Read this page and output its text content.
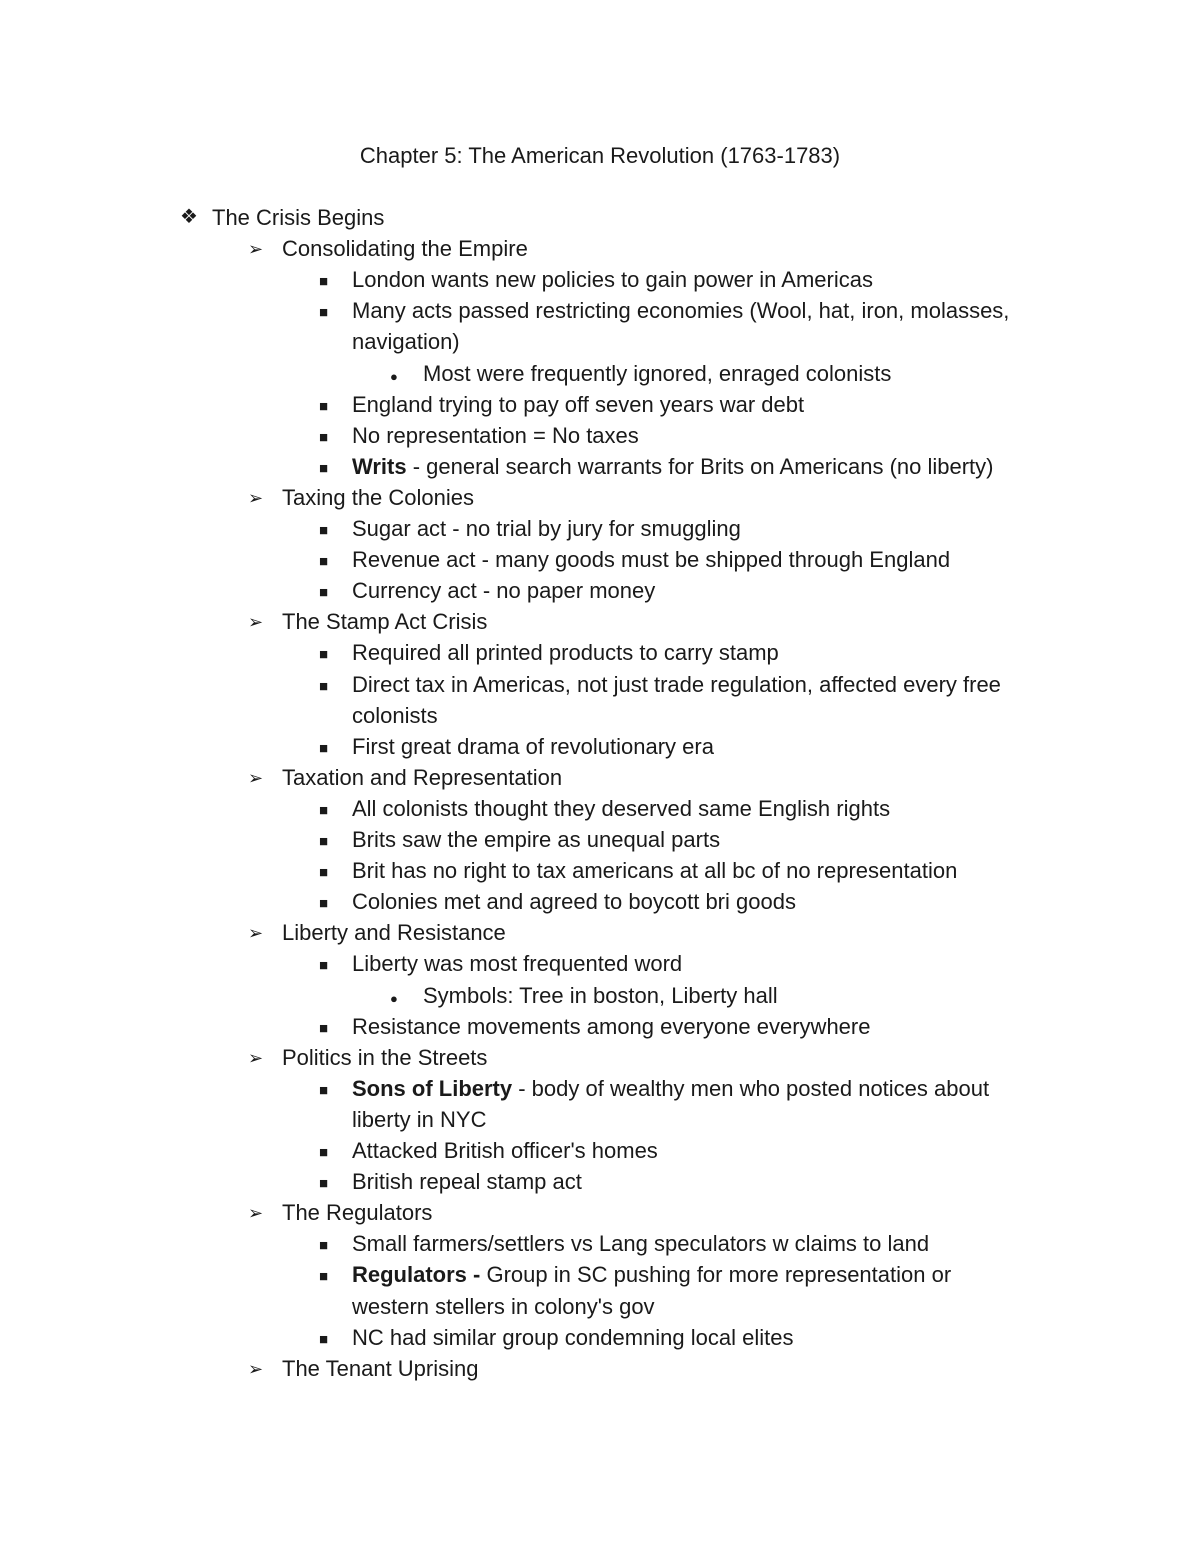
Chapter 5: The American Revolution (1763-1783)
❖ The Crisis Begins
➢ Consolidating the Empire
■ London wants new policies to gain power in Americas
■ Many acts passed restricting economies (Wool, hat, iron, molasses,
navigation)
● Most were frequently ignored, enraged colonists
■ England trying to pay off seven years war debt
■ No representation = No taxes
■ Writs - general search warrants for Brits on Americans (no liberty)
➢ Taxing the Colonies
■ Sugar act - no trial by jury for smuggling
■ Revenue act - many goods must be shipped through England
■ Currency act - no paper money
➢ The Stamp Act Crisis
■ Required all printed products to carry stamp
■ Direct tax in Americas, not just trade regulation, affected every free
colonists
■ First great drama of revolutionary era
➢ Taxation and Representation
■ All colonists thought they deserved same English rights
■ Brits saw the empire as unequal parts
■ Brit has no right to tax americans at all bc of no representation
■ Colonies met and agreed to boycott bri goods
➢ Liberty and Resistance
■ Liberty was most frequented word
● Symbols: Tree in boston, Liberty hall
■ Resistance movements among everyone everywhere
➢ Politics in the Streets
■ Sons of Liberty - body of wealthy men who posted notices about
liberty in NYC
■ Attacked British officer's homes
■ British repeal stamp act
➢ The Regulators
■ Small farmers/settlers vs Lang speculators w claims to land
■ Regulators - Group in SC pushing for more representation or
western stellers in colony's gov
■ NC had similar group condemning local elites
➢ The Tenant Uprising
